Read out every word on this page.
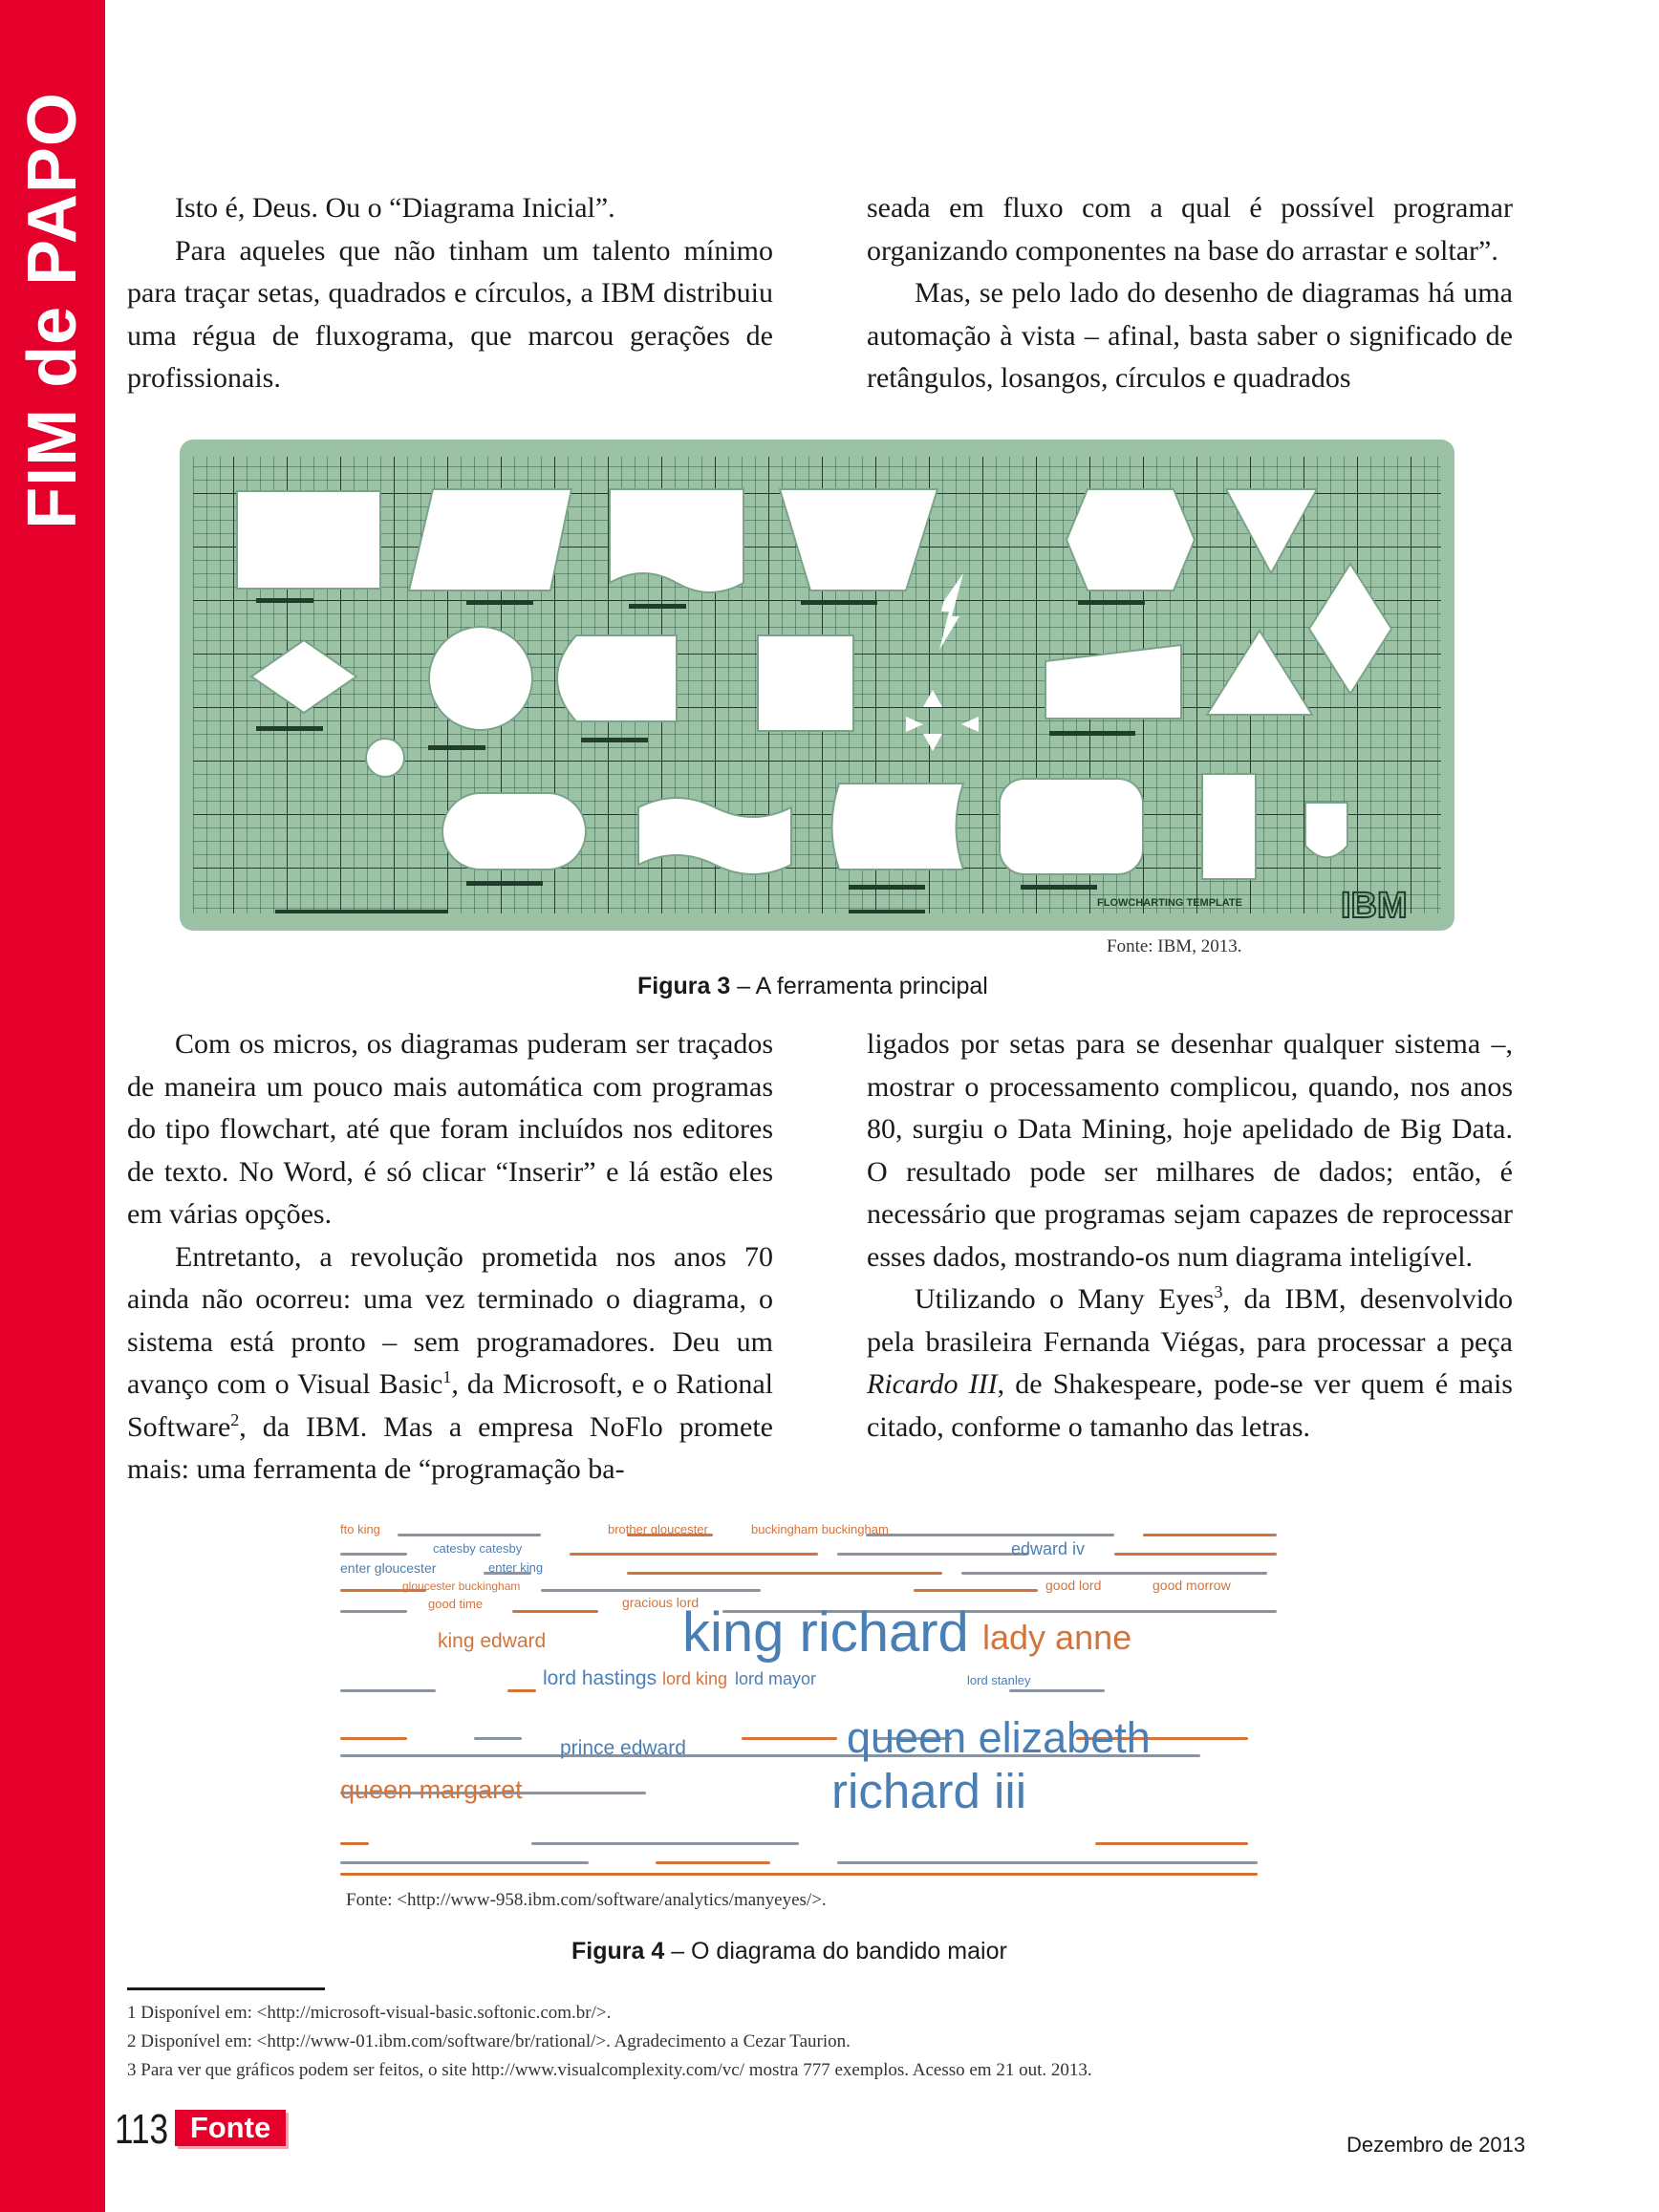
FIM de PAPO	Isto é, Deus. Ou o “Diagrama Inicial”.

Para aqueles que não tinham um talento mínimo para traçar setas, quadrados e círculos, a IBM distribuiu uma régua de fluxograma, que marcou gerações de profissionais.

seada em fluxo com a qual é possível programar organizando componentes na base do arrastar e soltar”.

Mas, se pelo lado do desenho de diagramas há uma automação à vista – afinal, basta saber o significado de retângulos, losangos, círculos e quadrados

FLOWCHARTING TEMPLATE	IBM
Fonte: IBM, 2013.
Figura 3 – A ferramenta principal

Com os micros, os diagramas puderam ser traçados de maneira um pouco mais automática com programas do tipo flowchart, até que foram incluídos nos editores de texto. No Word, é só clicar “Inserir” e lá estão eles em várias opções.

Entretanto, a revolução prometida nos anos 70 ainda não ocorreu: uma vez terminado o diagrama, o sistema está pronto – sem programadores. Deu um avanço com o Visual Basic$^1$, da Microsoft, e o Rational Software$^2$, da IBM. Mas a empresa NoFlo promete mais: uma ferramenta de “programação ba-

ligados por setas para se desenhar qualquer sistema –, mostrar o processamento complicou, quando, nos anos 80, surgiu o Data Mining, hoje apelidado de Big Data. O resultado pode ser milhares de dados; então, é necessário que programas sejam capazes de reprocessar esses dados, mostrando-os num diagrama inteligível.

Utilizando o Many Eyes$^3$, da IBM, desenvolvido pela brasileira Fernanda Viégas, para processar a peça Ricardo III, de Shakespeare, pode-se ver quem é mais citado, conforme o tamanho das letras.

fto king	brother gloucester	buckingham buckingham
catesby catesby	edward iv
enter gloucester	enter king
good lord	good morrow
gloucester buckingham
good time	gracious lord
king edward king richard lady anne
lord hastings lord king lord mayor	lord stanley
prince edward	queen elizabeth
queen margaret	richard iii
Fonte: <http://www-958.ibm.com/software/analytics/manyeyes/>.
Figura 4 – O diagrama do bandido maior
1 Disponível em: <http://microsoft-visual-basic.softonic.com.br/>.
2 Disponível em: <http://www-01.ibm.com/software/br/rational/>. Agradecimento a Cezar Taurion.
3 Para ver que gráficos podem ser feitos, o site http://www.visualcomplexity.com/vc/ mostra 777 exemplos. Acesso em 21 out. 2013.
113 Fonte
Dezembro de 2013
